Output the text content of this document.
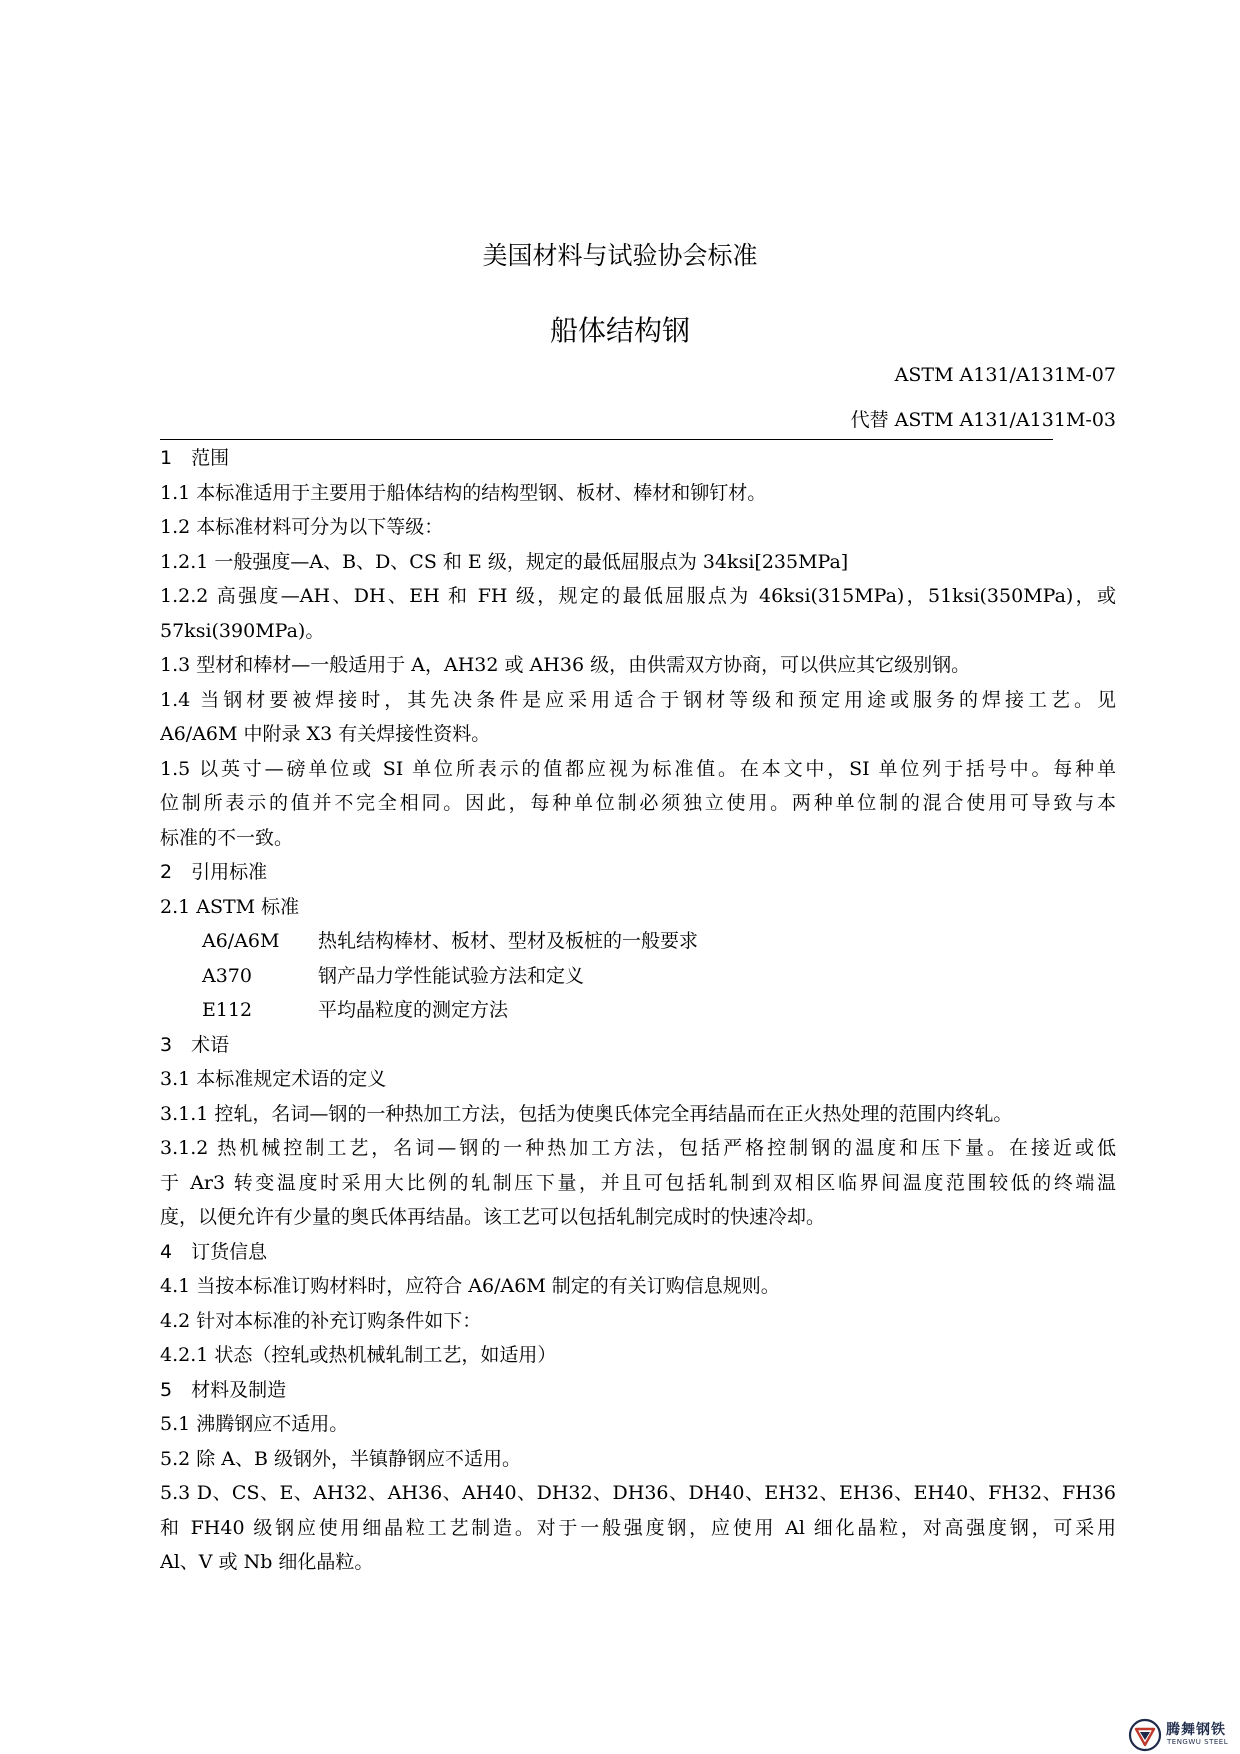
美国材料与试验协会标准
船体结构钢
ASTM A131/A131M-07
代替 ASTM A131/A131M-03
1　范围
1.1 本标准适用于主要用于船体结构的结构型钢、板材、棒材和铆钉材。
1.2 本标准材料可分为以下等级：
1.2.1 一般强度—A、B、D、CS 和 E 级，规定的最低屈服点为 34ksi[235MPa]
1.2.2 高强度—AH、DH、EH 和 FH 级，规定的最低屈服点为 46ksi(315MPa)，51ksi(350MPa)，或
57ksi(390MPa)。
1.3 型材和棒材—一般适用于 A，AH32 或 AH36 级，由供需双方协商，可以供应其它级别钢。
1.4 当钢材要被焊接时，其先决条件是应采用适合于钢材等级和预定用途或服务的焊接工艺。见
A6/A6M 中附录 X3 有关焊接性资料。
1.5 以英寸—磅单位或 SI 单位所表示的值都应视为标准值。在本文中，SI 单位列于括号中。每种单
位制所表示的值并不完全相同。因此，每种单位制必须独立使用。两种单位制的混合使用可导致与本
标准的不一致。
2　引用标准
2.1 ASTM 标准
A6/A6M 热轧结构棒材、板材、型材及板桩的一般要求
A370	钢产品力学性能试验方法和定义
E112	平均晶粒度的测定方法
3　术语
3.1 本标准规定术语的定义
3.1.1 控轧，名词—钢的一种热加工方法，包括为使奥氏体完全再结晶而在正火热处理的范围内终轧。
3.1.2 热机械控制工艺，名词—钢的一种热加工方法，包括严格控制钢的温度和压下量。在接近或低
于 Ar3 转变温度时采用大比例的轧制压下量，并且可包括轧制到双相区临界间温度范围较低的终端温
度，以便允许有少量的奥氏体再结晶。该工艺可以包括轧制完成时的快速冷却。
4　订货信息
4.1 当按本标准订购材料时，应符合 A6/A6M 制定的有关订购信息规则。
4.2 针对本标准的补充订购条件如下：
4.2.1 状态（控轧或热机械轧制工艺，如适用）
5　材料及制造
5.1 沸腾钢应不适用。
5.2 除 A、B 级钢外，半镇静钢应不适用。
5.3 D、CS、E、AH32、AH36、AH40、DH32、DH36、DH40、EH32、EH36、EH40、FH32、FH36
和 FH40 级钢应使用细晶粒工艺制造。对于一般强度钢，应使用 Al 细化晶粒，对高强度钢，可采用
Al、V 或 Nb 细化晶粒。
腾舞钢铁
TENGWU STEEL
